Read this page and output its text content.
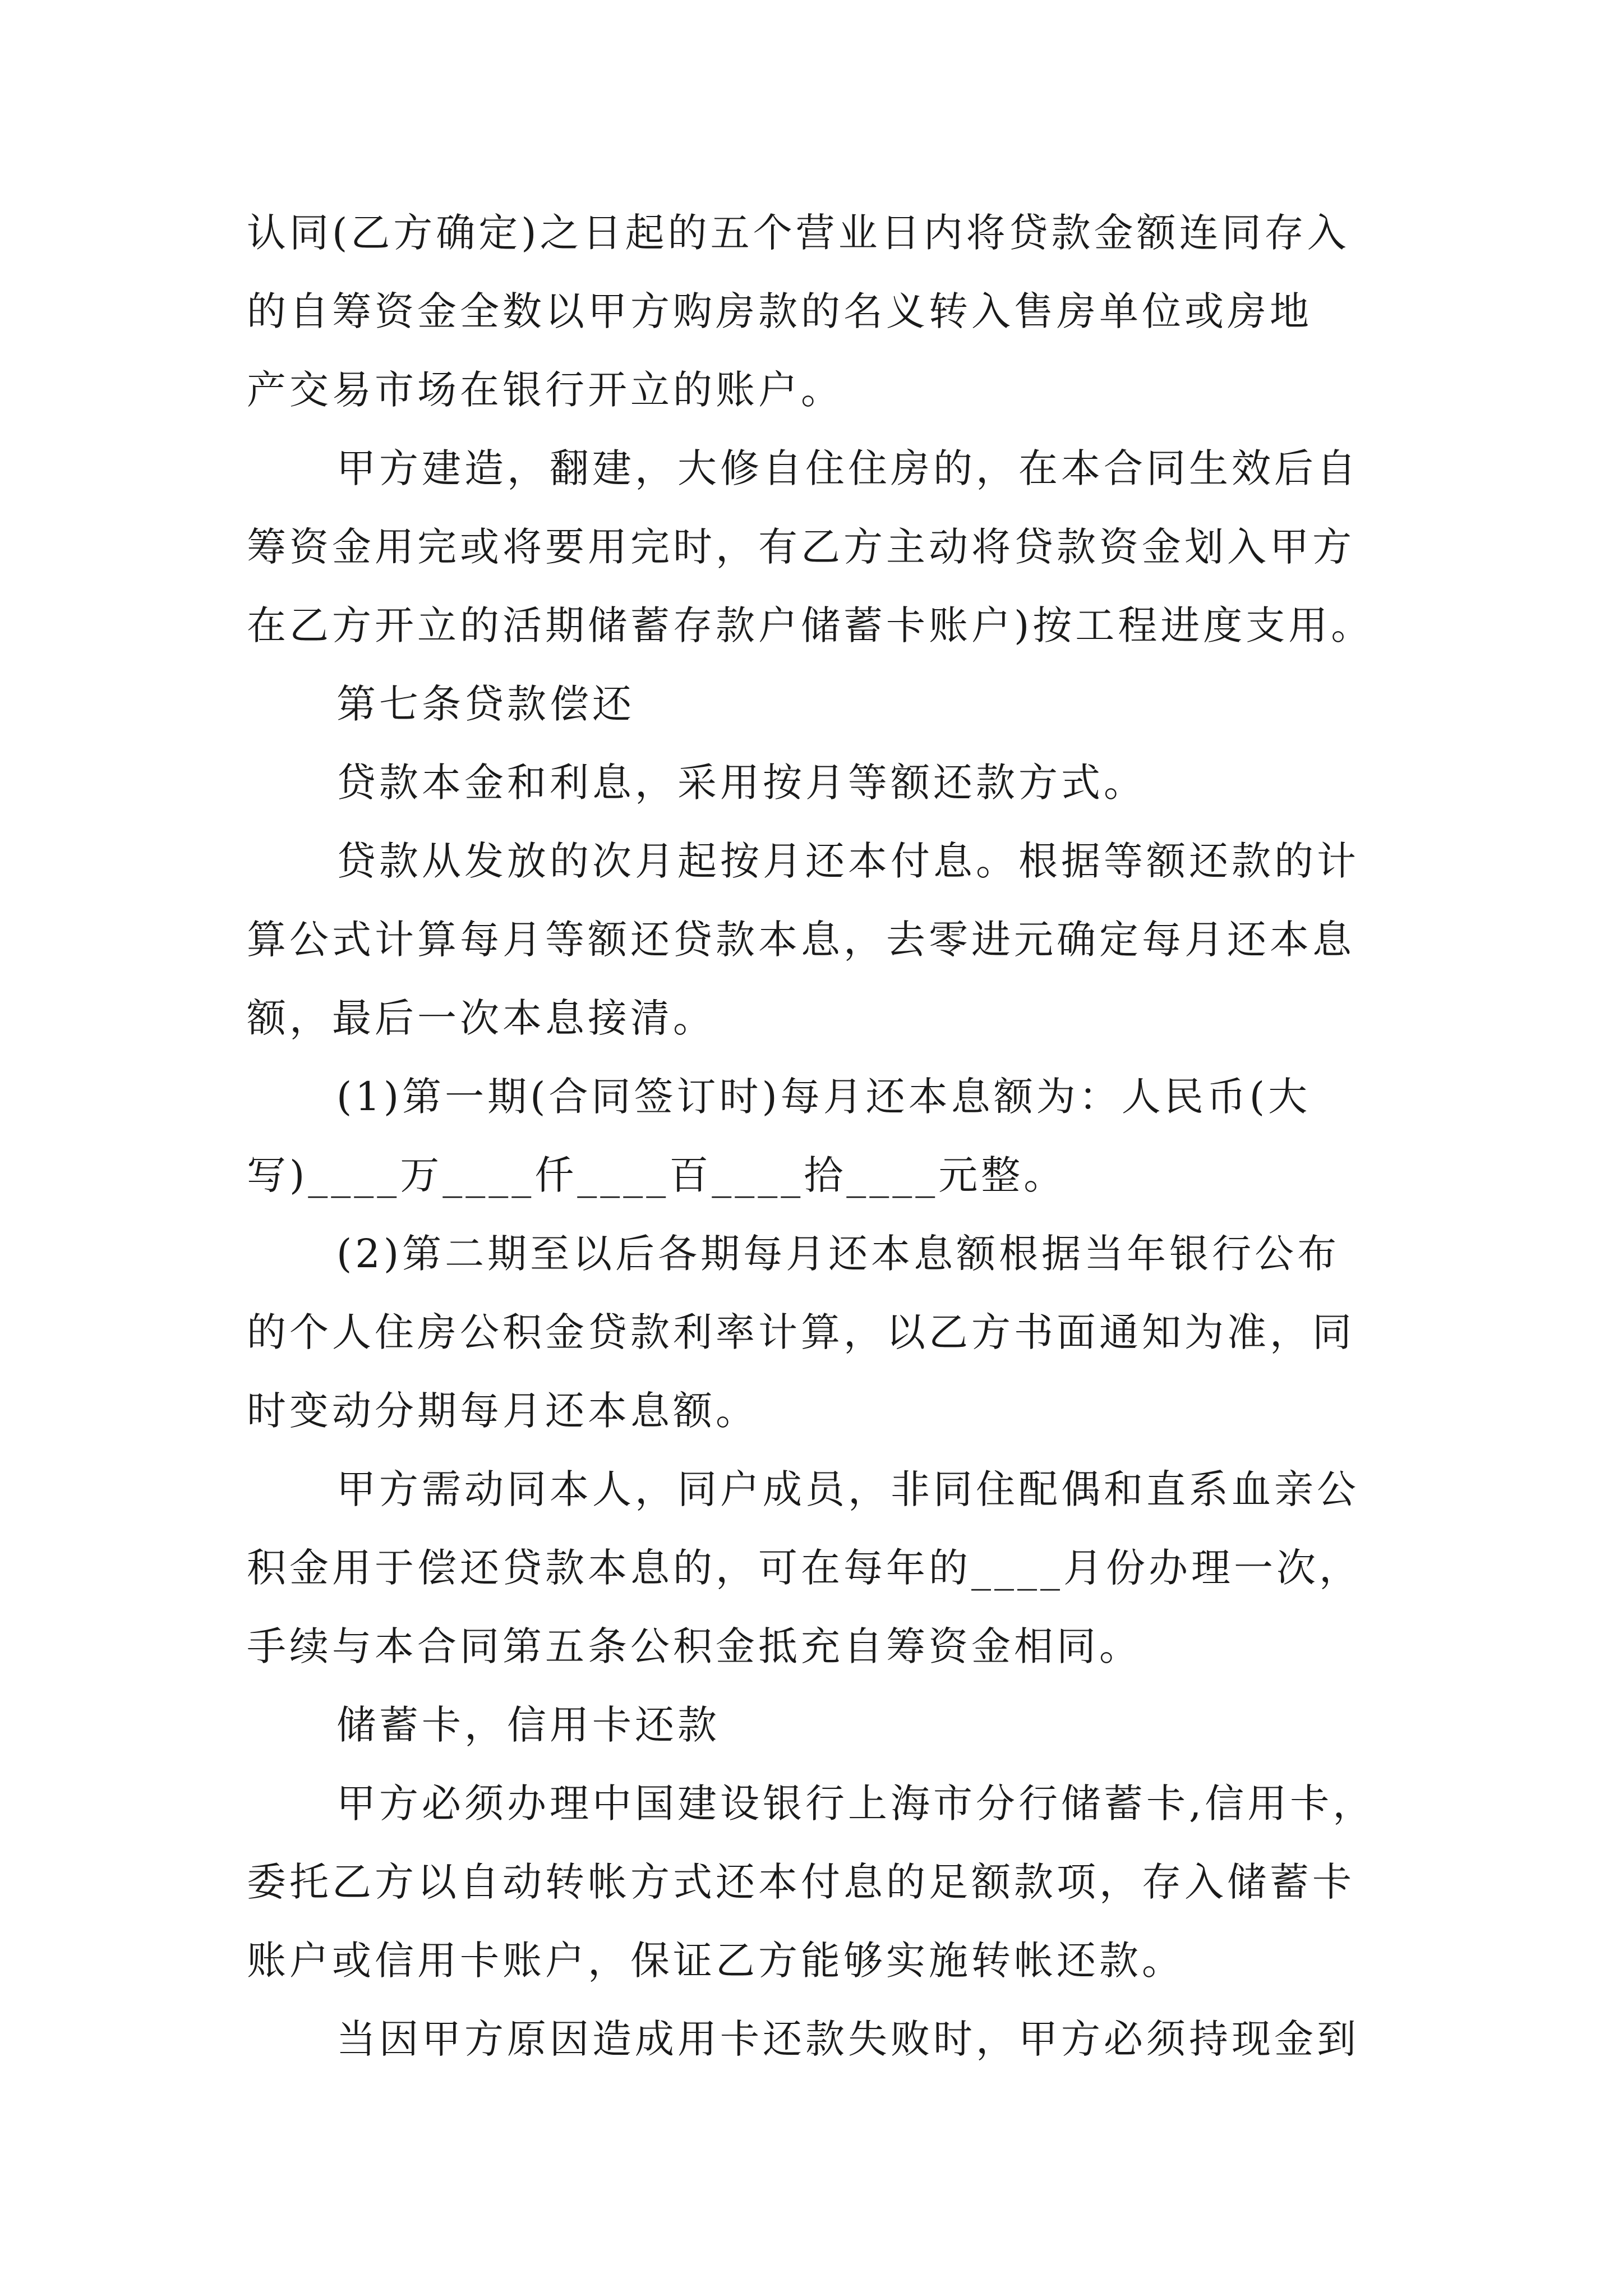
认同(乙方确定)之日起的五个营业日内将贷款金额连同存入
的自筹资金全数以甲方购房款的名义转入售房单位或房地
产交易市场在银行开立的账户。
甲方建造，翻建，大修自住住房的，在本合同生效后自
筹资金用完或将要用完时，有乙方主动将贷款资金划入甲方
在乙方开立的活期储蓄存款户储蓄卡账户)按工程进度支用。
第七条贷款偿还
贷款本金和利息，采用按月等额还款方式。
贷款从发放的次月起按月还本付息。根据等额还款的计
算公式计算每月等额还贷款本息，去零进元确定每月还本息
额，最后一次本息接清。
(1)第一期(合同签订时)每月还本息额为：人民币(大
写)____万____仟____百____拾____元整。
(2)第二期至以后各期每月还本息额根据当年银行公布
的个人住房公积金贷款利率计算，以乙方书面通知为准，同
时变动分期每月还本息额。
甲方需动同本人，同户成员，非同住配偶和直系血亲公
积金用于偿还贷款本息的，可在每年的____月份办理一次，
手续与本合同第五条公积金抵充自筹资金相同。
储蓄卡，信用卡还款
甲方必须办理中国建设银行上海市分行储蓄卡,信用卡，
委托乙方以自动转帐方式还本付息的足额款项，存入储蓄卡
账户或信用卡账户，保证乙方能够实施转帐还款。
当因甲方原因造成用卡还款失败时，甲方必须持现金到
